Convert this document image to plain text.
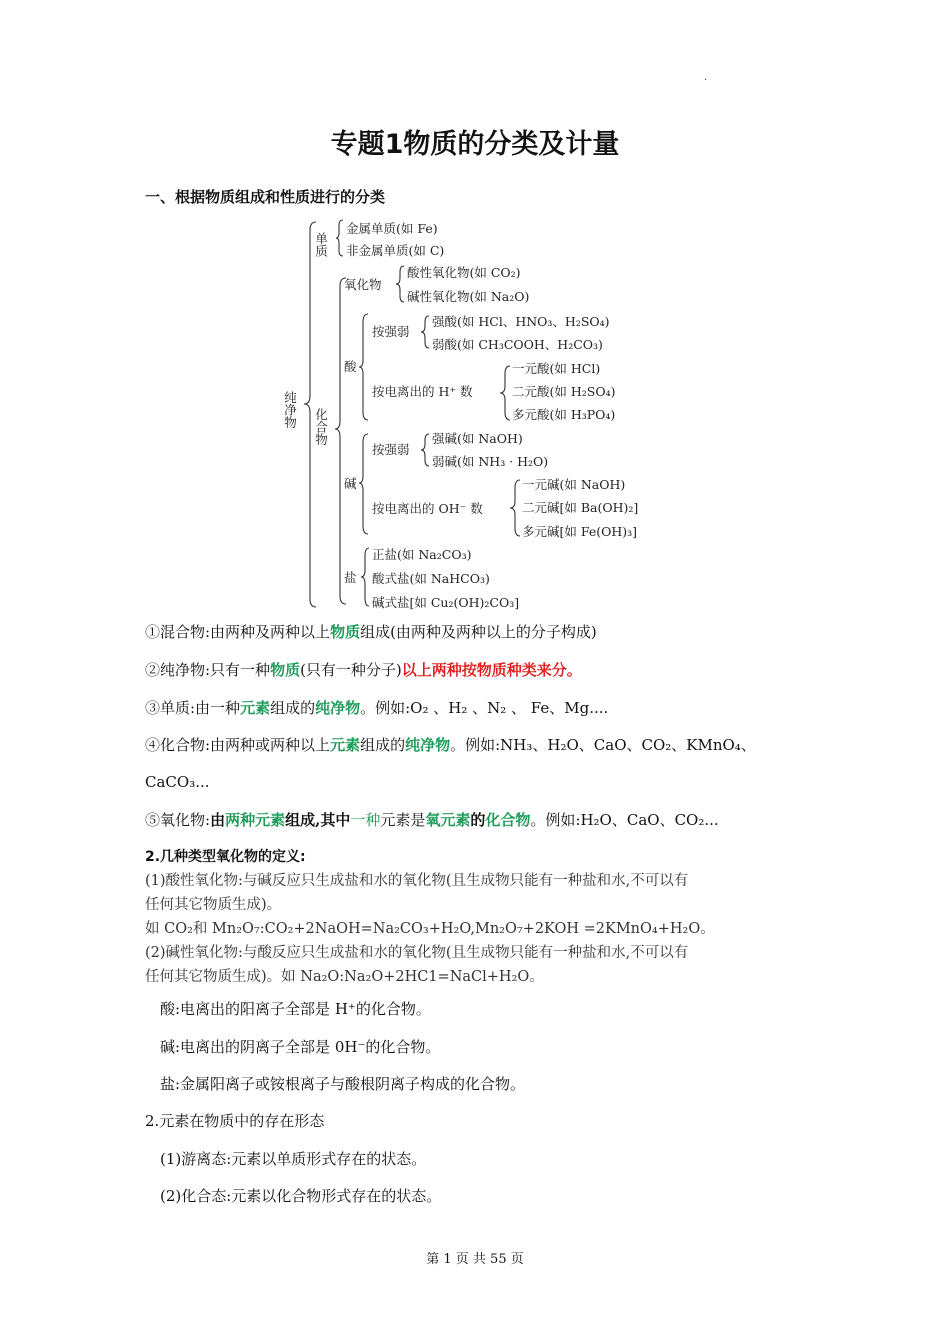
.
专题1物质的分类及计量
一、根据物质组成和性质进行的分类
纯净物
单质
金属单质(如 Fe)
非金属单质(如 C)
化合物
氧化物
酸性氧化物(如 CO₂)
碱性氧化物(如 Na₂O)
酸
按强弱
强酸(如 HCl、HNO₃、H₂SO₄)
弱酸(如 CH₃COOH、H₂CO₃)
按电离出的 H⁺ 数
一元酸(如 HCl)
二元酸(如 H₂SO₄)
多元酸(如 H₃PO₄)
碱
按强弱
强碱(如 NaOH)
弱碱(如 NH₃ · H₂O)
按电离出的 OH⁻ 数
一元碱(如 NaOH)
二元碱[如 Ba(OH)₂]
多元碱[如 Fe(OH)₃]
盐
正盐(如 Na₂CO₃)
酸式盐(如 NaHCO₃)
碱式盐[如 Cu₂(OH)₂CO₃]
①混合物:由两种及两种以上物质组成(由两种及两种以上的分子构成)
②纯净物:只有一种物质(只有一种分子)以上两种按物质种类来分。
③单质:由一种元素组成的纯净物。例如:O₂ 、H₂ 、N₂ 、 Fe、Mg....
④化合物:由两种或两种以上元素组成的纯净物。例如:NH₃、H₂O、CaO、CO₂、KMnO₄、
CaCO₃...
⑤氧化物:由两种元素组成,其中一种元素是氧元素的化合物。例如:H₂O、CaO、CO₂...
2.几种类型氧化物的定义:
(1)酸性氧化物:与碱反应只生成盐和水的氧化物(且生成物只能有一种盐和水,不可以有
任何其它物质生成)。
如 CO₂和 Mn₂O₇:CO₂+2NaOH=Na₂CO₃+H₂O,Mn₂O₇+2KOH =2KMnO₄+H₂O。
(2)碱性氧化物:与酸反应只生成盐和水的氧化物(且生成物只能有一种盐和水,不可以有
任何其它物质生成)。如 Na₂O:Na₂O+2HC1=NaCl+H₂O。
酸:电离出的阳离子全部是 H⁺的化合物。
碱:电离出的阴离子全部是 0H⁻的化合物。
盐:金属阳离子或铵根离子与酸根阴离子构成的化合物。
2.元素在物质中的存在形态
(1)游离态:元素以单质形式存在的状态。
(2)化合态:元素以化合物形式存在的状态。
第 1 页 共 55 页
